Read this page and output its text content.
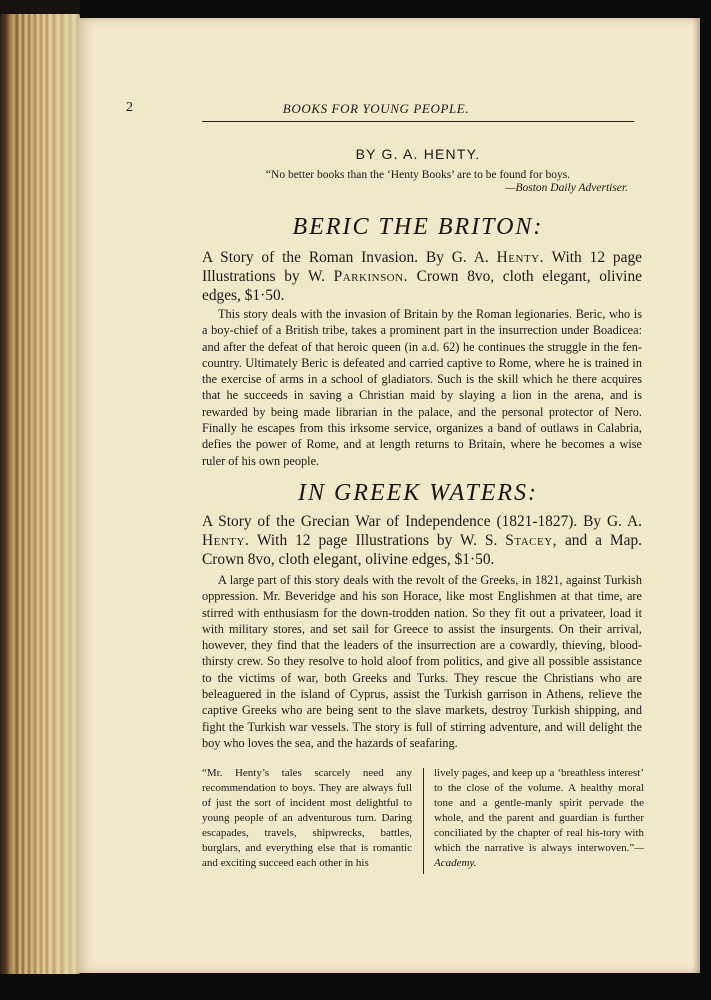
2	BOOKS FOR YOUNG PEOPLE.
BY G. A. HENTY.
“No better books than the ‘Henty Books’ are to be found for boys.
—Boston Daily Advertiser.
BERIC THE BRITON:
A Story of the Roman Invasion. By G. A. Henty. With 12 page Illustrations by W. Parkinson. Crown 8vo, cloth elegant, olivine edges, $1·50.

This story deals with the invasion of Britain by the Roman legionaries. Beric, who is a boy-chief of a British tribe, takes a prominent part in the insurrection under Boadicea: and after the defeat of that heroic queen (in a.d. 62) he continues the struggle in the fen-country. Ultimately Beric is defeated and carried captive to Rome, where he is trained in the exercise of arms in a school of gladiators. Such is the skill which he there acquires that he succeeds in saving a Christian maid by slaying a lion in the arena, and is rewarded by being made librarian in the palace, and the personal protector of Nero. Finally he escapes from this irksome service, organizes a band of outlaws in Calabria, defies the power of Rome, and at length returns to Britain, where he becomes a wise ruler of his own people.

IN GREEK WATERS:
A Story of the Grecian War of Independence (1821-1827). By G. A. Henty. With 12 page Illustrations by W. S. Stacey, and a Map. Crown 8vo, cloth elegant, olivine edges, $1·50.

A large part of this story deals with the revolt of the Greeks, in 1821, against Turkish oppression. Mr. Beveridge and his son Horace, like most Englishmen at that time, are stirred with enthusiasm for the down-trodden nation. So they fit out a privateer, load it with military stores, and set sail for Greece to assist the insurgents. On their arrival, however, they find that the leaders of the insurrection are a cowardly, thieving, blood-thirsty crew. So they resolve to hold aloof from politics, and give all possible assistance to the victims of war, both Greeks and Turks. They rescue the Christians who are beleaguered in the island of Cyprus, assist the Turkish garrison in Athens, relieve the captive Greeks who are being sent to the slave markets, destroy Turkish shipping, and fight the Turkish war vessels. The story is full of stirring adventure, and will delight the boy who loves the sea, and the hazards of seafaring.

“Mr. Henty’s tales scarcely need any recommendation to boys. They are always full of just the sort of incident most delightful to young people of an adventurous turn. Daring escapades, travels, shipwrecks, battles, burglars, and everything else that is romantic and exciting succeed each other in his
lively pages, and keep up a ‘breathless interest’ to the close of the volume. A healthy moral tone and a gentle-manly spirit pervade the whole, and the parent and guardian is further conciliated by the chapter of real his-tory with which the narrative is always interwoven.”—Academy.
